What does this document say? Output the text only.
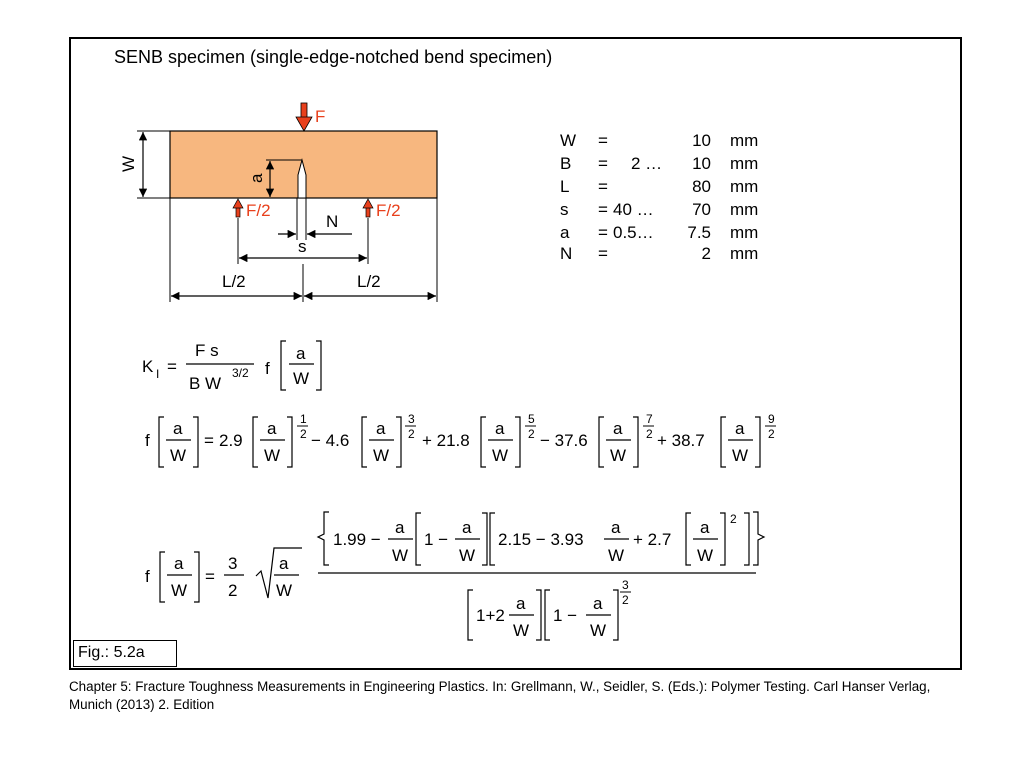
SENB specimen (single-edge-notched bend specimen)
F
F/2	F/2
W
a
N
s
L/2	L/2
W =	10 mm
B = 2 … 10 mm
L =	80 mm
s = 40 … 70 mm
a = 0.5… 7.5 mm
N =	2 mm
K I =
F s
B W
3/2 f
a
W
f
a
W
= 2.9
a
W
1
2 − 4.6
a
W
3
2 + 21.8
a
W
5
2 − 37.6
a
W
7
2 + 38.7
a
W
9
2
f
a
W
=
3
2
a
W
1.99 −
a
W
1 −
a
W
2.15 − 3.93
a
W
+ 2.7
a
W
2
1+2
a
W
1 −
a
W
3
2
Fig.: 5.2a
Chapter 5: Fracture Toughness Measurements in Engineering Plastics. In: Grellmann, W., Seidler, S. (Eds.): Polymer Testing. Carl Hanser Verlag, Munich (2013) 2. Edition
